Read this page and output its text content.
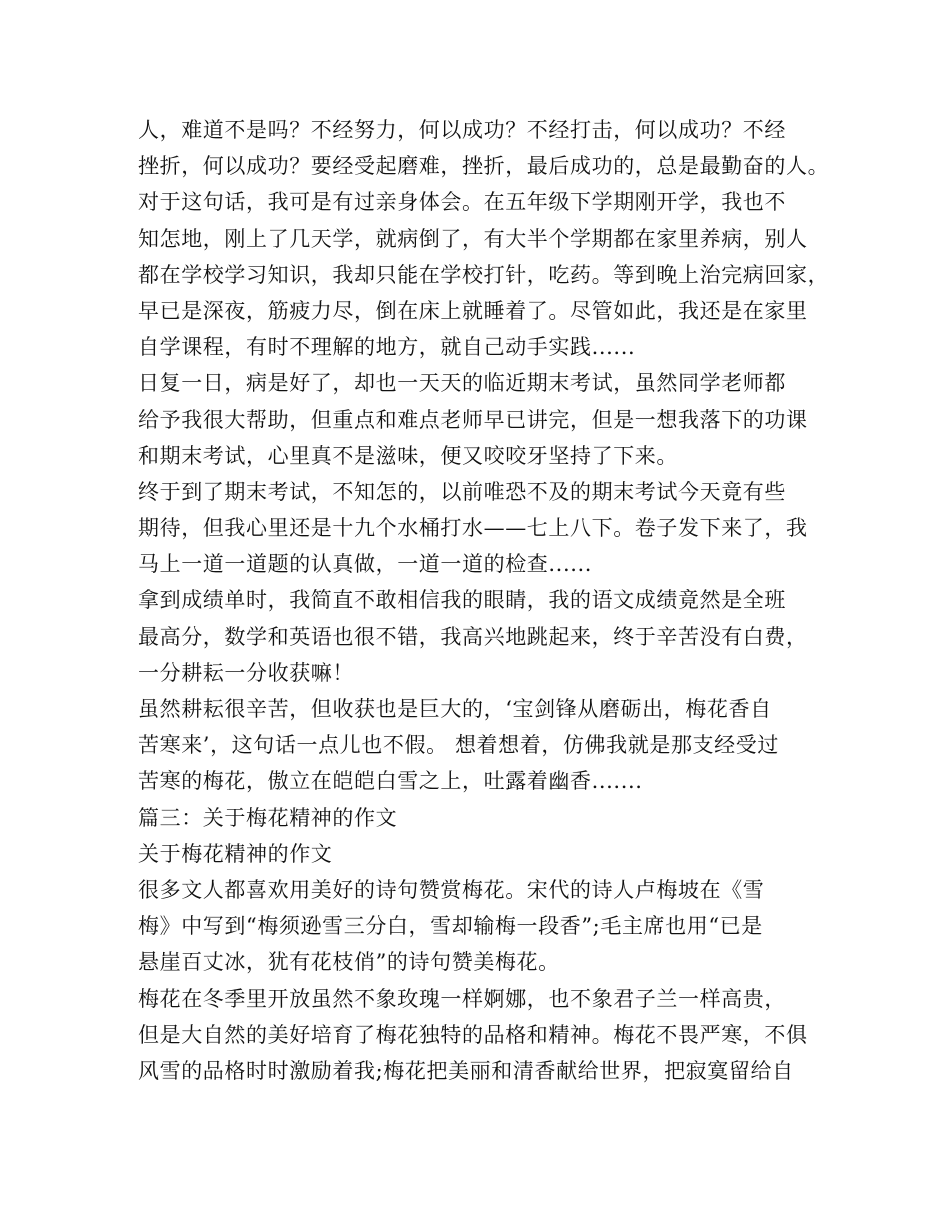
人，难道不是吗？不经努力，何以成功？不经打击，何以成功？不经
挫折，何以成功？要经受起磨难，挫折，最后成功的，总是最勤奋的人。
对于这句话，我可是有过亲身体会。在五年级下学期刚开学，我也不
知怎地，刚上了几天学，就病倒了，有大半个学期都在家里养病，别人
都在学校学习知识，我却只能在学校打针，吃药。等到晚上治完病回家，
早已是深夜，筋疲力尽，倒在床上就睡着了。尽管如此，我还是在家里
自学课程，有时不理解的地方，就自己动手实践......
日复一日，病是好了，却也一天天的临近期末考试，虽然同学老师都
给予我很大帮助，但重点和难点老师早已讲完，但是一想我落下的功课
和期末考试，心里真不是滋味，便又咬咬牙坚持了下来。
终于到了期末考试，不知怎的，以前唯恐不及的期末考试今天竟有些
期待，但我心里还是十九个水桶打水——七上八下。卷子发下来了，我
马上一道一道题的认真做，一道一道的检查......
拿到成绩单时，我简直不敢相信我的眼睛，我的语文成绩竟然是全班
最高分，数学和英语也很不错，我高兴地跳起来，终于辛苦没有白费，
一分耕耘一分收获嘛！
虽然耕耘很辛苦，但收获也是巨大的，‘宝剑锋从磨砺出，梅花香自
苦寒来’，这句话一点儿也不假。 想着想着，仿佛我就是那支经受过
苦寒的梅花，傲立在皑皑白雪之上，吐露着幽香.......
篇三：关于梅花精神的作文
关于梅花精神的作文
很多文人都喜欢用美好的诗句赞赏梅花。宋代的诗人卢梅坡在《雪
梅》中写到“梅须逊雪三分白，雪却输梅一段香”;毛主席也用“已是
悬崖百丈冰，犹有花枝俏”的诗句赞美梅花。
梅花在冬季里开放虽然不象玫瑰一样婀娜，也不象君子兰一样高贵，
但是大自然的美好培育了梅花独特的品格和精神。梅花不畏严寒，不俱
风雪的品格时时激励着我;梅花把美丽和清香献给世界，把寂寞留给自
